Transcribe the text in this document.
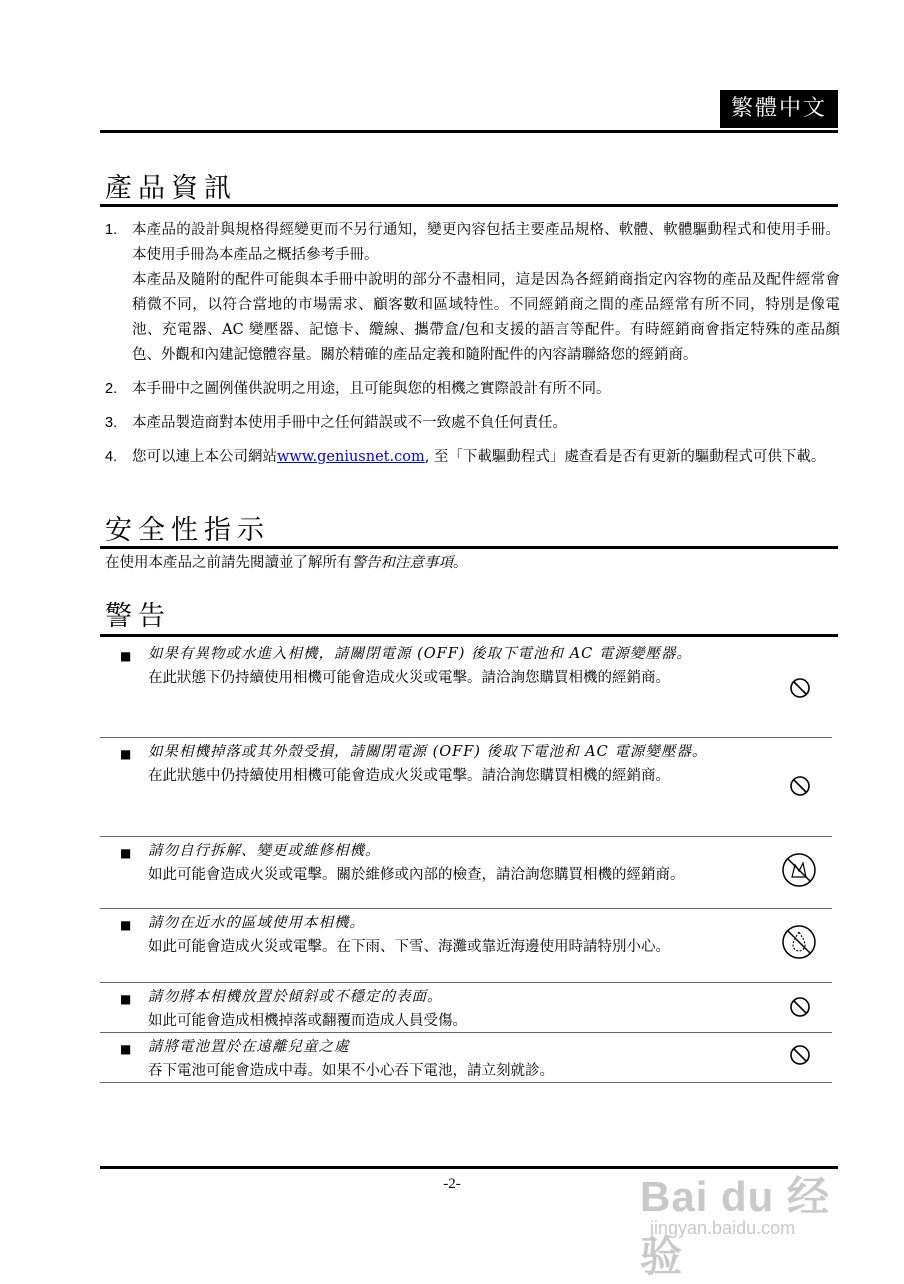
繁體中文
產品資訊
1.	本產品的設計與規格得經變更而不另行通知，變更內容包括主要產品規格、軟體、軟體驅動程式和使用手冊。本使用手冊為本產品之概括參考手冊。
本產品及隨附的配件可能與本手冊中說明的部分不盡相同，這是因為各經銷商指定內容物的產品及配件經常會稍微不同，以符合當地的市場需求、顧客數和區域特性。不同經銷商之間的產品經常有所不同，特別是像電池、充電器、AC 變壓器、記憶卡、纜線、攜帶盒/包和支援的語言等配件。有時經銷商會指定特殊的產品顏色、外觀和內建記憶體容量。關於精確的產品定義和隨附配件的內容請聯絡您的經銷商。
2.	本手冊中之圖例僅供說明之用途，且可能與您的相機之實際設計有所不同。
3.	本產品製造商對本使用手冊中之任何錯誤或不一致處不負任何責任。
4.	您可以連上本公司網站www.geniusnet.com, 至「下載驅動程式」處查看是否有更新的驅動程式可供下載。
安全性指示
在使用本產品之前請先閱讀並了解所有警告和注意事項。
警告
■ 如果有異物或水進入相機，請關閉電源 (OFF) 後取下電池和 AC 電源變壓器。
在此狀態下仍持續使用相機可能會造成火災或電擊。請洽詢您購買相機的經銷商。
■ 如果相機掉落或其外殼受損，請關閉電源 (OFF) 後取下電池和 AC 電源變壓器。
在此狀態中仍持續使用相機可能會造成火災或電擊。請洽詢您購買相機的經銷商。
■ 請勿自行拆解、變更或維修相機。
如此可能會造成火災或電擊。關於維修或內部的檢查，請洽詢您購買相機的經銷商。
■ 請勿在近水的區域使用本相機。
如此可能會造成火災或電擊。在下雨、下雪、海灘或靠近海邊使用時請特別小心。
■ 請勿將本相機放置於傾斜或不穩定的表面。
如此可能會造成相機掉落或翻覆而造成人員受傷。
■ 請將電池置於在遠離兒童之處
吞下電池可能會造成中毒。如果不小心吞下電池，請立刻就診。
-2-	Bai du 经验
jingyan.baidu.com
